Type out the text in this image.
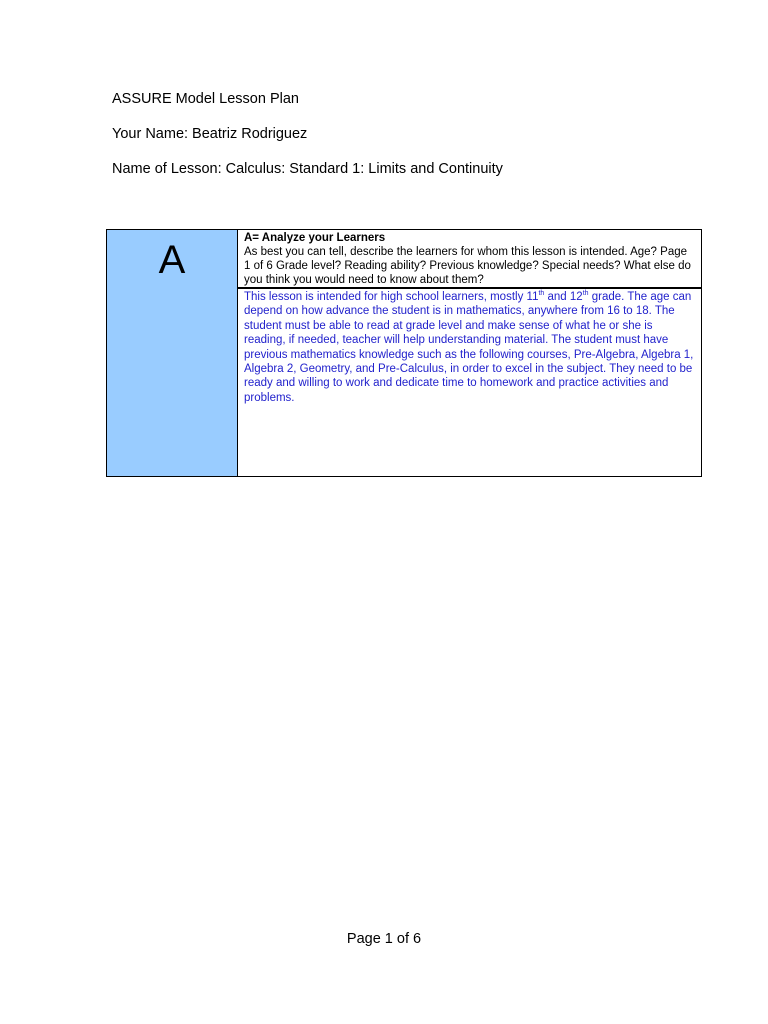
ASSURE Model Lesson Plan
Your Name: Beatriz Rodriguez
Name of Lesson: Calculus: Standard 1: Limits and Continuity
A	A= Analyze your Learners
As best you can tell, describe the learners for whom this lesson is intended. Age? Page 1 of 6 Grade level? Reading ability? Previous knowledge? Special needs? What else do you think you would need to know about them?
This lesson is intended for high school learners, mostly 11th and 12th grade. The age can depend on how advance the student is in mathematics, anywhere from 16 to 18. The student must be able to read at grade level and make sense of what he or she is reading, if needed, teacher will help understanding material. The student must have previous mathematics knowledge such as the following courses, Pre-Algebra, Algebra 1, Algebra 2, Geometry, and Pre-Calculus, in order to excel in the subject. They need to be ready and willing to work and dedicate time to homework and practice activities and problems.
Page 1 of 6
